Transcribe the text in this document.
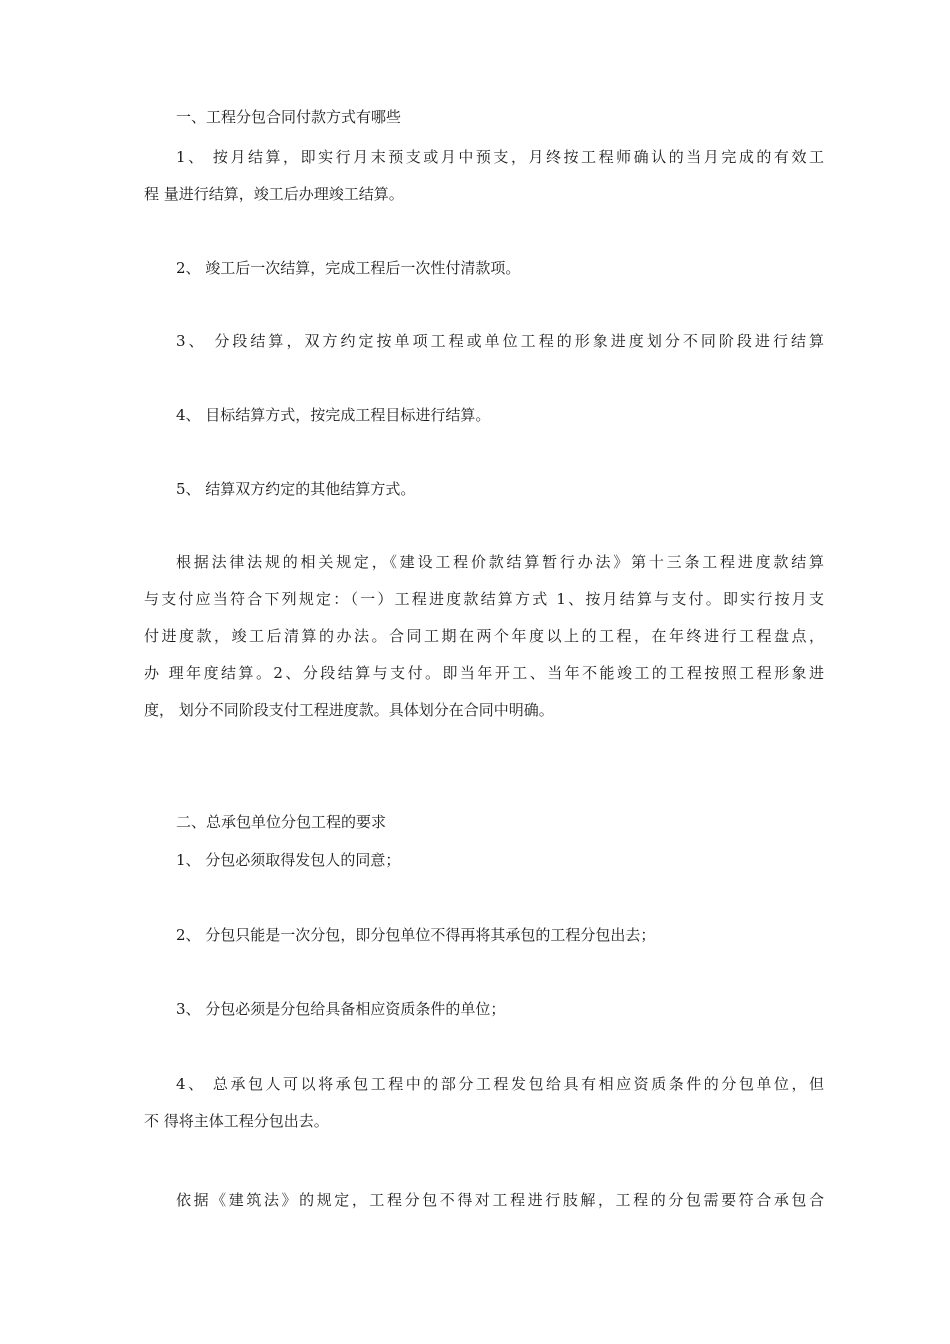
一、工程分包合同付款方式有哪些
1、 按月结算，即实行月末预支或月中预支，月终按工程师确认的当月完成的有效工
程 量进行结算，竣工后办理竣工结算。
2、 竣工后一次结算，完成工程后一次性付清款项。
3、 分段结算，双方约定按单项工程或单位工程的形象进度划分不同阶段进行结算
4、 目标结算方式，按完成工程目标进行结算。
5、 结算双方约定的其他结算方式。
根据法律法规的相关规定，《建设工程价款结算暂行办法》第十三条工程进度款结算
与支付应当符合下列规定：（一）工程进度款结算方式 1、按月结算与支付。即实行按月支
付进度款，竣工后清算的办法。合同工期在两个年度以上的工程，在年终进行工程盘点，
办 理年度结算。2、分段结算与支付。即当年开工、当年不能竣工的工程按照工程形象进
度， 划分不同阶段支付工程进度款。具体划分在合同中明确。
二、总承包单位分包工程的要求
1、 分包必须取得发包人的同意；
2、 分包只能是一次分包，即分包单位不得再将其承包的工程分包出去；
3、 分包必须是分包给具备相应资质条件的单位；
4、 总承包人可以将承包工程中的部分工程发包给具有相应资质条件的分包单位，但
不 得将主体工程分包出去。
依据《建筑法》的规定，工程分包不得对工程进行肢解，工程的分包需要符合承包合
